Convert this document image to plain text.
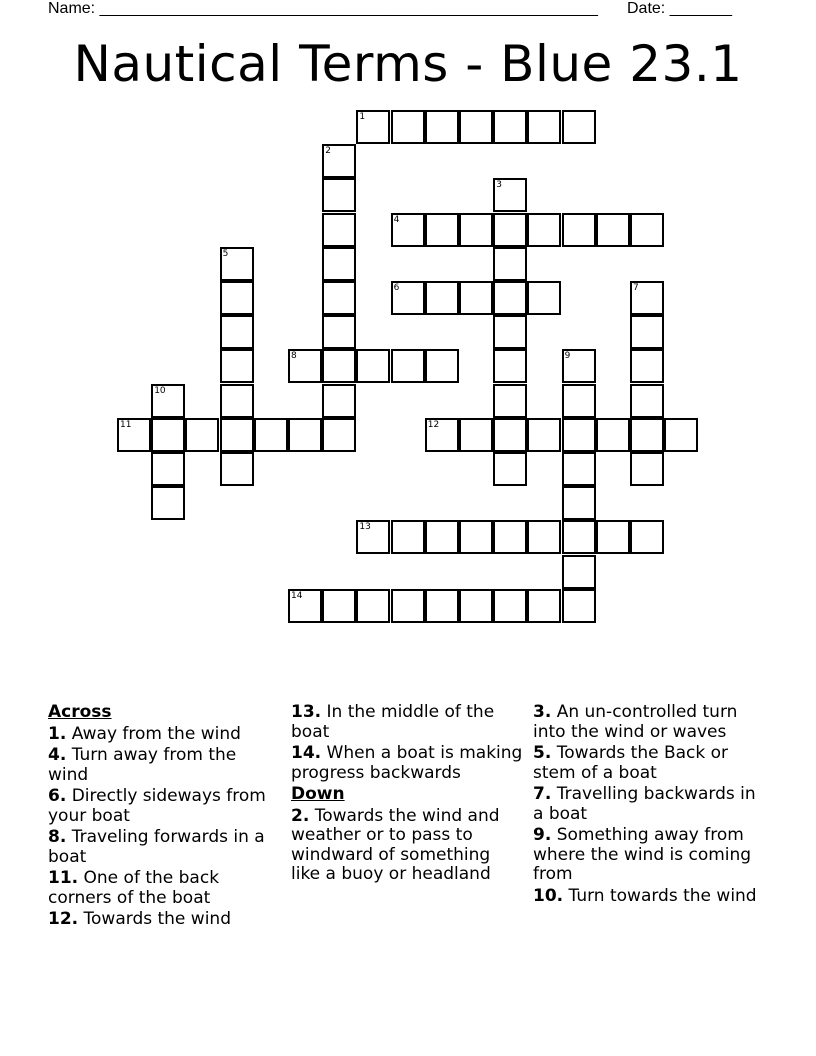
Name: ________________________________________________________ Date: _______
Nautical Terms - Blue 23.1
1
2
3
4
5
6	7
8	9
10
11	12
13
14
Across
1. Away from the wind
4. Turn away from the wind
6. Directly sideways from your boat
8. Traveling forwards in a boat
11. One of the back corners of the boat
12. Towards the wind
13. In the middle of the boat
14. When a boat is making progress backwards
Down
2. Towards the wind and weather or to pass to windward of something like a buoy or headland
3. An un-controlled turn into the wind or waves
5. Towards the Back or stem of a boat
7. Travelling backwards in a boat
9. Something away from where the wind is coming from
10. Turn towards the wind
